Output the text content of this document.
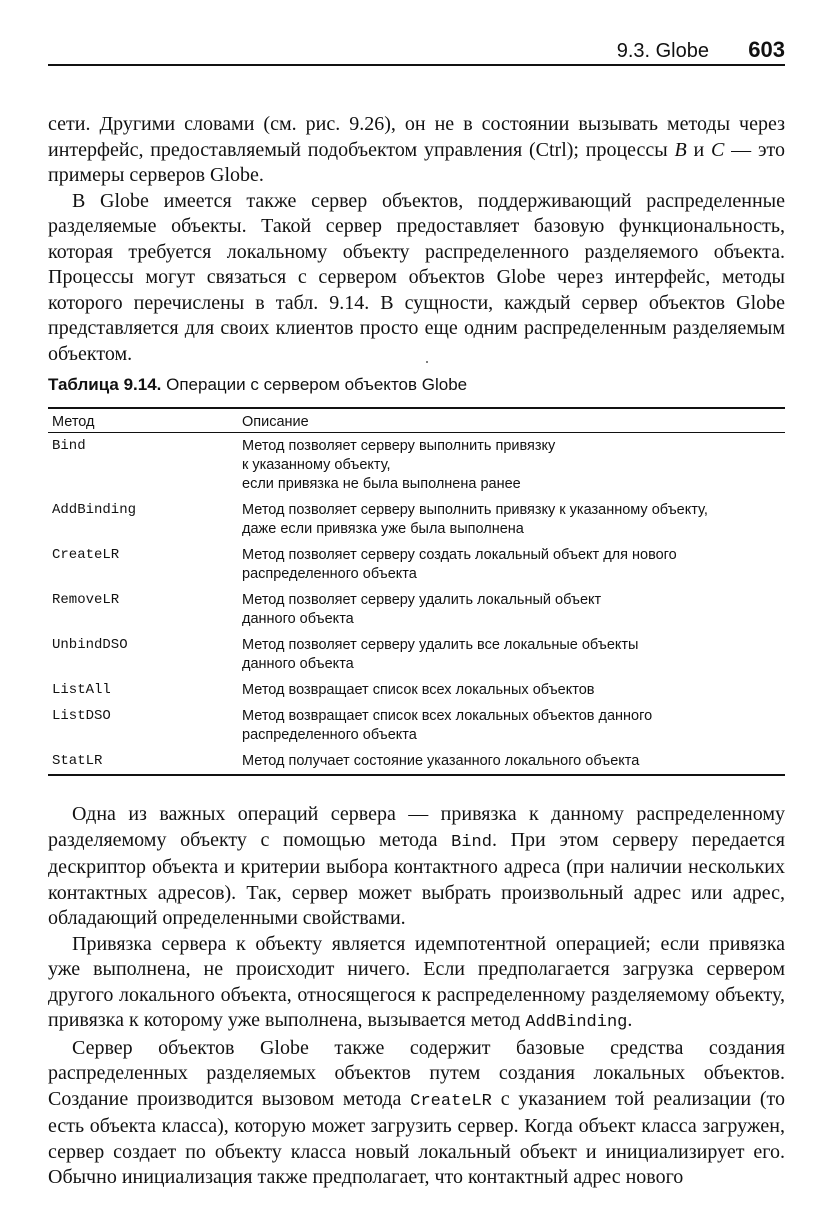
9.3. Globe 603

сети. Другими словами (см. рис. 9.26), он не в состоянии вызывать методы через интерфейс, предоставляемый подобъектом управления (Ctrl); процессы B и C — это примеры серверов Globe.

В Globe имеется также сервер объектов, поддерживающий распределенные разделяемые объекты. Такой сервер предоставляет базовую функциональность, которая требуется локальному объекту распределенного разделяемого объекта. Процессы могут связаться с сервером объектов Globe через интерфейс, методы которого перечислены в табл. 9.14. В сущности, каждый сервер объектов Globe представляется для своих клиентов просто еще одним распределенным разделяемым объектом.

Таблица 9.14. Операции с сервером объектов Globe
Метод	Описание
Bind	Метод позволяет серверу выполнить привязку
к указанному объекту,
если привязка не была выполнена ранее

AddBinding	Метод позволяет серверу выполнить привязку к указанному объекту,
даже если привязка уже была выполнена

CreateLR	Метод позволяет серверу создать локальный объект для нового
распределенного объекта

RemoveLR	Метод позволяет серверу удалить локальный объект
данного объекта

UnbindDSO	Метод позволяет серверу удалить все локальные объекты
данного объекта

ListAll	Метод возвращает список всех локальных объектов

ListDSO	Метод возвращает список всех локальных объектов данного
распределенного объекта

StatLR	Метод получает состояние указанного локального объекта

Одна из важных операций сервера — привязка к данному распределенному разделяемому объекту с помощью метода Bind. При этом серверу передается дескриптор объекта и критерии выбора контактного адреса (при наличии нескольких контактных адресов). Так, сервер может выбрать произвольный адрес или адрес, обладающий определенными свойствами.

Привязка сервера к объекту является идемпотентной операцией; если привязка уже выполнена, не происходит ничего. Если предполагается загрузка сервером другого локального объекта, относящегося к распределенному разделяемому объекту, привязка к которому уже выполнена, вызывается метод AddBinding.

Сервер объектов Globe также содержит базовые средства создания распределенных разделяемых объектов путем создания локальных объектов. Создание производится вызовом метода CreateLR с указанием той реализации (то есть объекта класса), которую может загрузить сервер. Когда объект класса загружен, сервер создает по объекту класса новый локальный объект и инициализирует его. Обычно инициализация также предполагает, что контактный адрес нового
